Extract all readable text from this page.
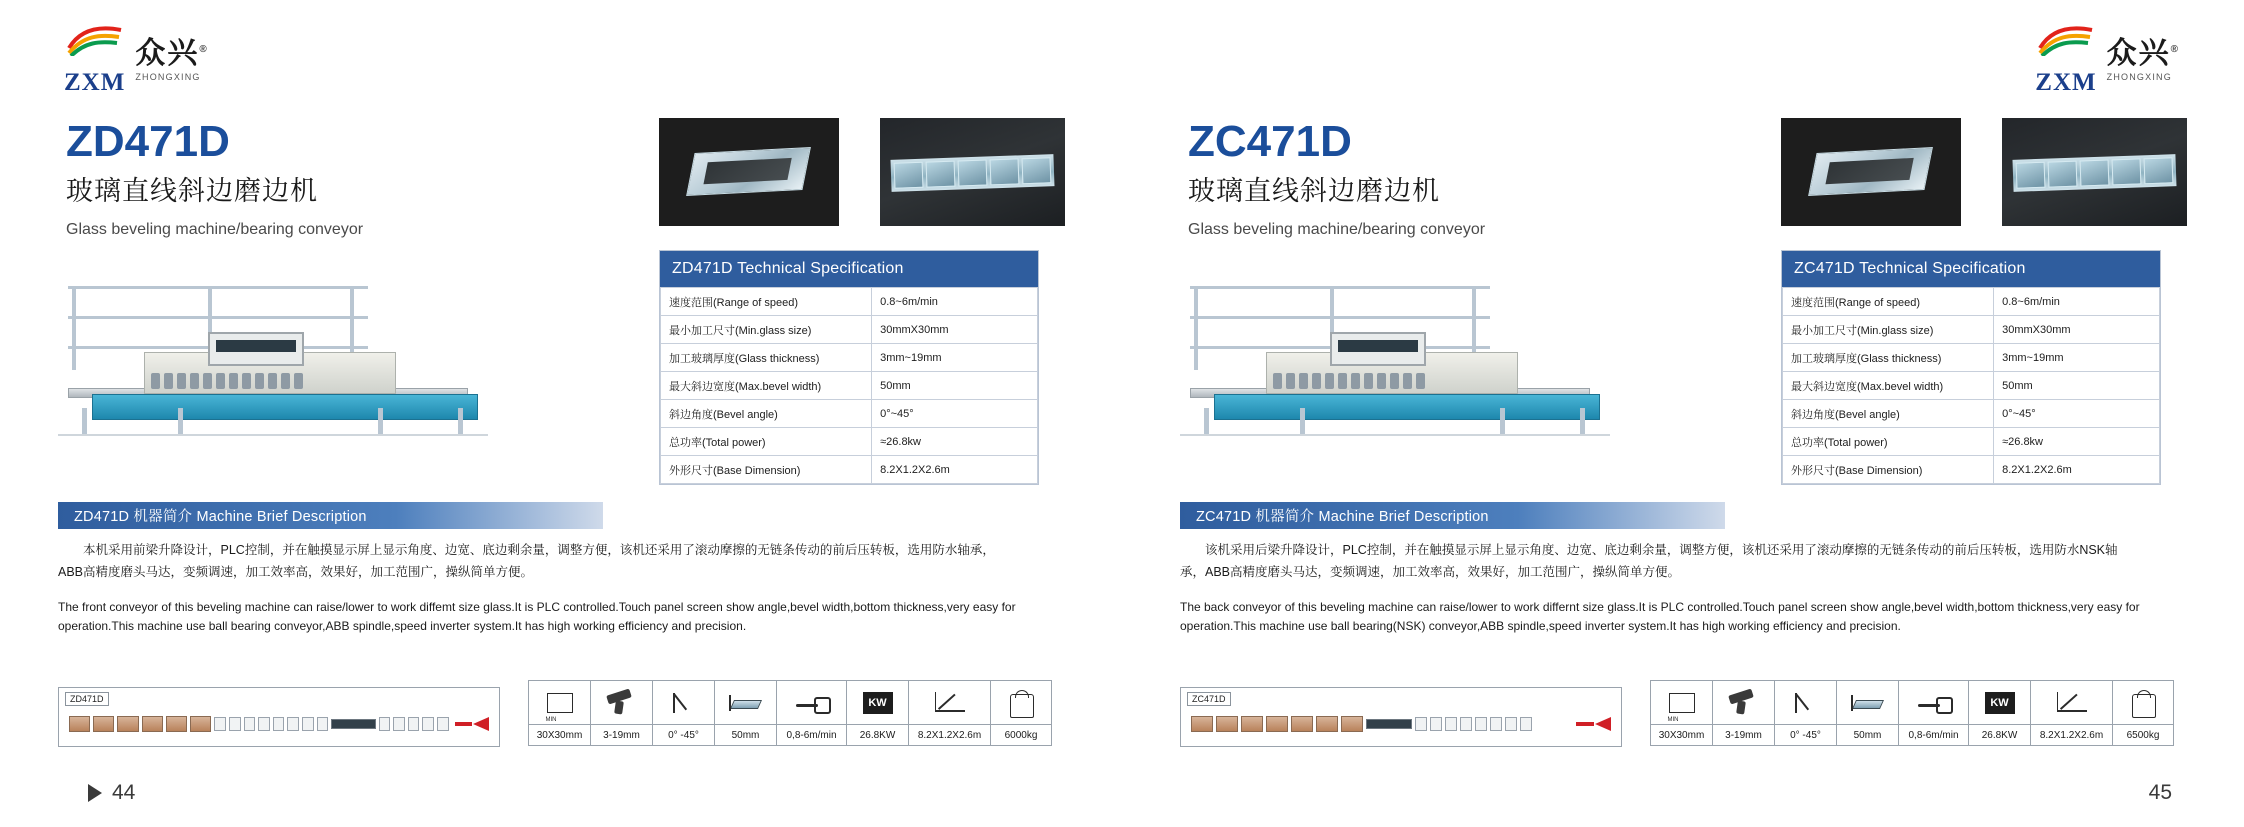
ZXM
众兴®
ZHONGXING
ZD471D
玻璃直线斜边磨边机
Glass beveling machine/bearing conveyor
ZD471D Technical Specification
速度范围(Range of speed)	0.8~6m/min
最小加工尺寸(Min.glass size)	30mmX30mm
加工玻璃厚度(Glass thickness)	3mm~19mm
最大斜边宽度(Max.bevel width)	50mm
斜边角度(Bevel angle)	0°~45°
总功率(Total power)	≈26.8kw
外形尺寸(Base Dimension)	8.2X1.2X2.6m
ZD471D 机器简介 Machine Brief Description
本机采用前梁升降设计，PLC控制，并在触摸显示屏上显示角度、边宽、底边剩余量，调整方便，该机还采用了滚动摩擦的无链条传动的前后压转板，选用防水轴承，ABB高精度磨头马达，变频调速，加工效率高，效果好，加工范围广，操纵简单方便。
The front conveyor of this beveling machine can raise/lower to work diffemt size glass.It is PLC controlled.Touch panel screen show angle,bevel width,bottom thickness,very easy for operation.This machine use ball bearing conveyor,ABB spindle,speed inverter system.It has high working efficiency and precision.
ZD471D
MIN
30X30mm	3-19mm	0° -45°	50mm	0,8-6m/min
KW
26.8KW	8.2X1.2X2.6m	6000kg
44
ZXM
众兴®
ZHONGXING
ZC471D
玻璃直线斜边磨边机
Glass beveling machine/bearing conveyor
ZC471D Technical Specification
速度范围(Range of speed)	0.8~6m/min
最小加工尺寸(Min.glass size)	30mmX30mm
加工玻璃厚度(Glass thickness)	3mm~19mm
最大斜边宽度(Max.bevel width)	50mm
斜边角度(Bevel angle)	0°~45°
总功率(Total power)	≈26.8kw
外形尺寸(Base Dimension)	8.2X1.2X2.6m
ZC471D 机器简介 Machine Brief Description
该机采用后梁升降设计，PLC控制，并在触摸显示屏上显示角度、边宽、底边剩余量，调整方便，该机还采用了滚动摩擦的无链条传动的前后压转板，选用防水NSK轴承，ABB高精度磨头马达，变频调速，加工效率高，效果好，加工范围广，操纵简单方便。
The back conveyor of this beveling machine can raise/lower to work differnt size glass.It is PLC controlled.Touch panel screen show angle,bevel width,bottom thickness,very easy for operation.This machine use ball bearing(NSK) conveyor,ABB spindle,speed inverter system.It has high working efficiency and precision.
ZC471D
MIN
30X30mm	3-19mm	0° -45°	50mm	0,8-6m/min
KW
26.8KW	8.2X1.2X2.6m	6500kg
45
